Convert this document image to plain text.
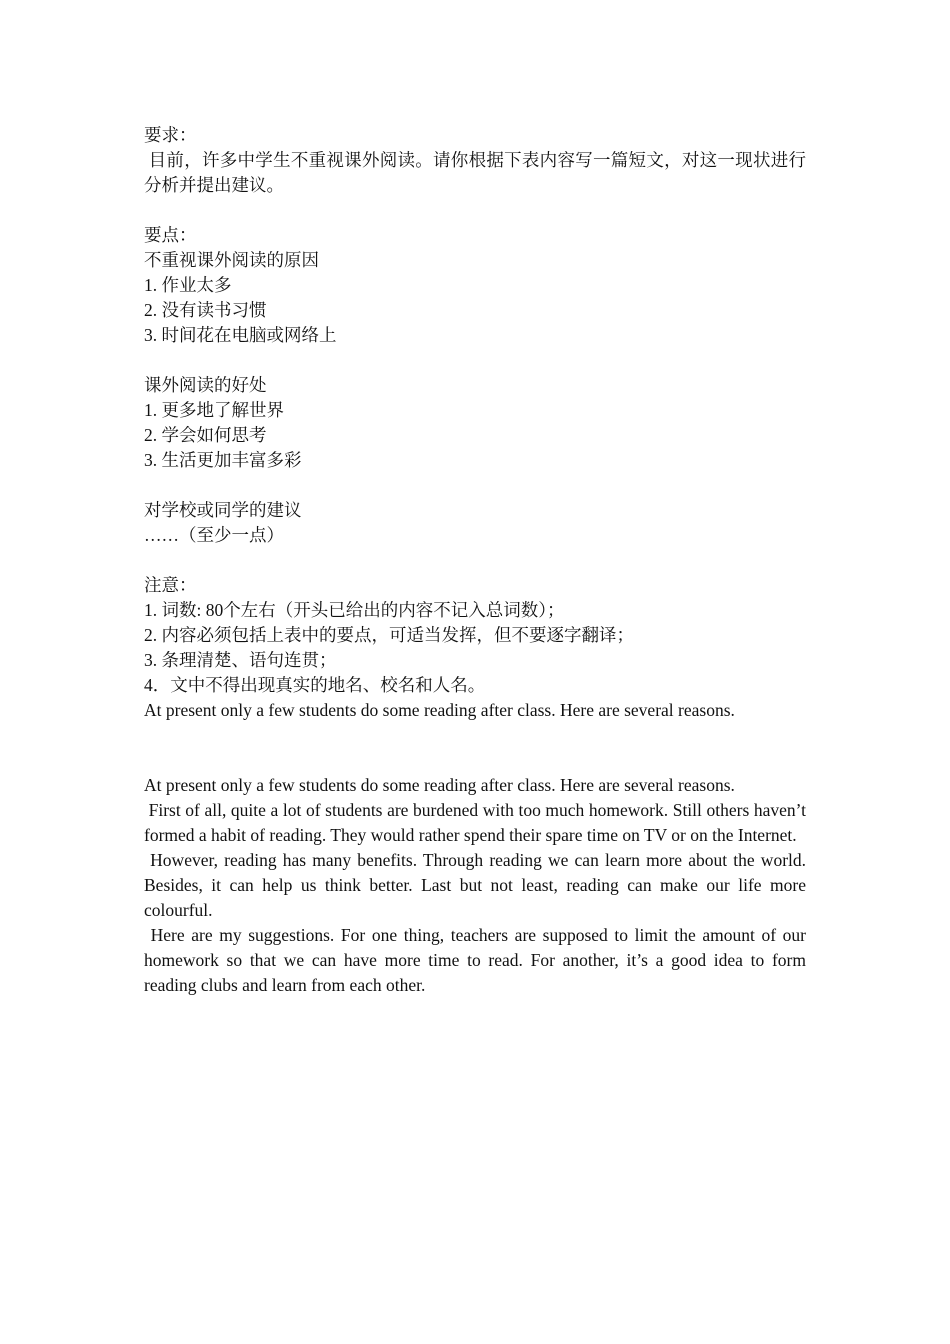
要求：
目前，许多中学生不重视课外阅读。请你根据下表内容写一篇短文，对这一现状进行分析并提出建议。
要点：
不重视课外阅读的原因
1. 作业太多
2. 没有读书习惯
3. 时间花在电脑或网络上
课外阅读的好处
1. 更多地了解世界
2. 学会如何思考
3. 生活更加丰富多彩
对学校或同学的建议
……（至少一点）
注意：
1. 词数: 80个左右（开头已给出的内容不记入总词数）；
2. 内容必须包括上表中的要点，可适当发挥，但不要逐字翻译；
3. 条理清楚、语句连贯；
4．文中不得出现真实的地名、校名和人名。
At present only a few students do some reading after class. Here are several reasons.
At present only a few students do some reading after class. Here are several reasons.
First of all, quite a lot of students are burdened with too much homework. Still others haven’t formed a habit of reading. They would rather spend their spare time on TV or on the Internet.
However, reading has many benefits. Through reading we can learn more about the world. Besides, it can help us think better. Last but not least, reading can make our life more colourful.
Here are my suggestions. For one thing, teachers are supposed to limit the amount of our homework so that we can have more time to read. For another, it’s a good idea to form reading clubs and learn from each other.
